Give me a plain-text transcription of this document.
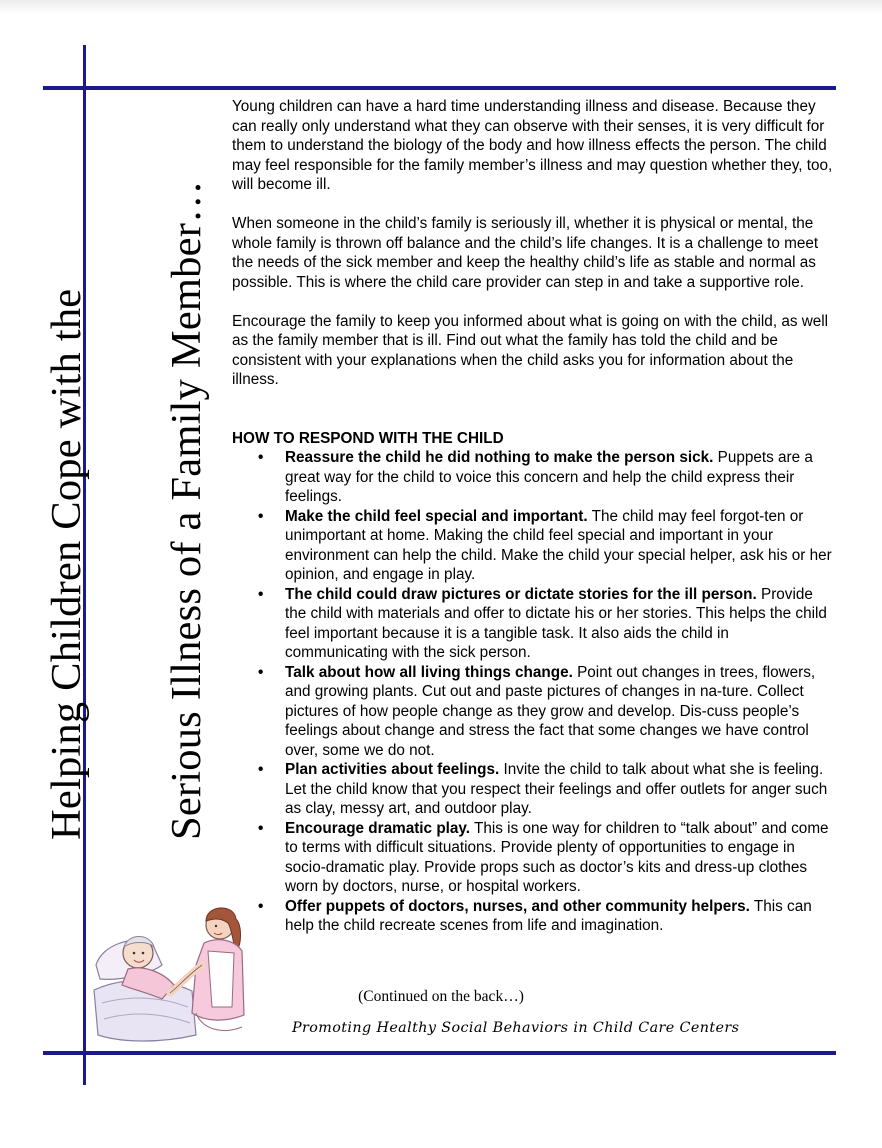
Helping Children Cope with the Serious Illness of a Family Member…

Young children can have a hard time understanding illness and disease. Because they can really only understand what they can observe with their senses, it is very difficult for them to understand the biology of the body and how illness effects the person. The child may feel responsible for the family member’s illness and may question whether they, too, will become ill.

When someone in the child’s family is seriously ill, whether it is physical or mental, the whole family is thrown off balance and the child’s life changes. It is a challenge to meet the needs of the sick member and keep the healthy child’s life as stable and normal as possible. This is where the child care provider can step in and take a supportive role.

Encourage the family to keep you informed about what is going on with the child, as well as the family member that is ill. Find out what the family has told the child and be consistent with your explanations when the child asks you for information about the illness.

HOW TO RESPOND WITH THE CHILD
• Reassure the child he did nothing to make the person sick. Puppets are a great way for the child to voice this concern and help the child express their feelings.
• Make the child feel special and important. The child may feel forgot-ten or unimportant at home. Making the child feel special and important in your environment can help the child. Make the child your special helper, ask his or her opinion, and engage in play.
• The child could draw pictures or dictate stories for the ill person. Provide the child with materials and offer to dictate his or her stories. This helps the child feel important because it is a tangible task. It also aids the child in communicating with the sick person.
• Talk about how all living things change. Point out changes in trees, flowers, and growing plants. Cut out and paste pictures of changes in na-ture. Collect pictures of how people change as they grow and develop. Dis-cuss people’s feelings about change and stress the fact that some changes we have control over, some we do not.
• Plan activities about feelings. Invite the child to talk about what she is feeling. Let the child know that you respect their feelings and offer outlets for anger such as clay, messy art, and outdoor play.
• Encourage dramatic play. This is one way for children to “talk about” and come to terms with difficult situations. Provide plenty of opportunities to engage in socio-dramatic play. Provide props such as doctor’s kits and dress-up clothes worn by doctors, nurse, or hospital workers.
• Offer puppets of doctors, nurses, and other community helpers. This can help the child recreate scenes from life and imagination.
(Continued on the back…)
Promoting Healthy Social Behaviors in Child Care Centers
